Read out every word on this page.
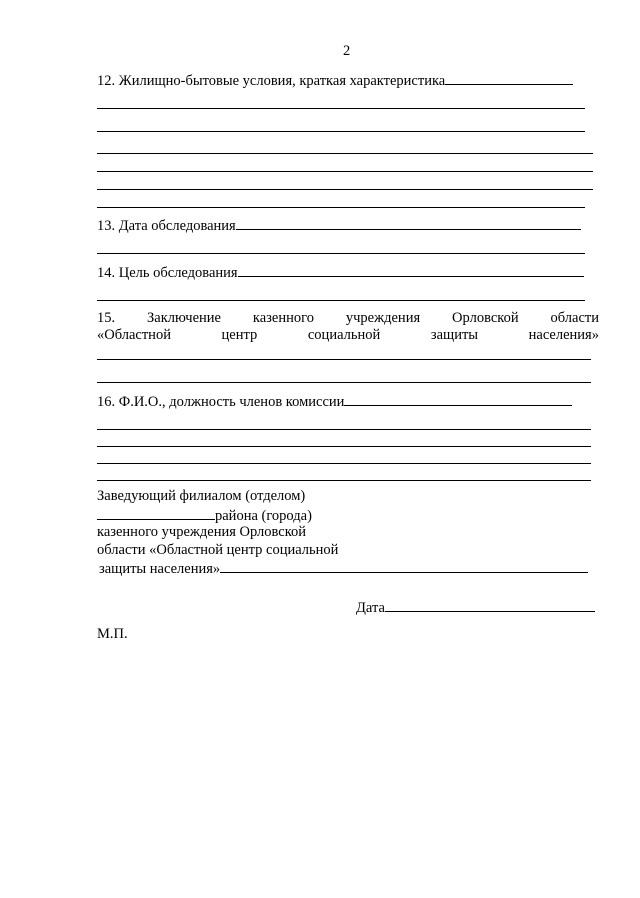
2
12. Жилищно-бытовые условия, краткая характеристика
13. Дата обследования
14. Цель обследования
15. Заключение казенного учреждения Орловской области
«Областной	центр	социальной	защиты	населения»
16. Ф.И.О., должность членов комиссии
Заведующий филиалом (отделом)
района (города)
казенного учреждения Орловской
области «Областной центр социальной
защиты населения»
Дата
М.П.
